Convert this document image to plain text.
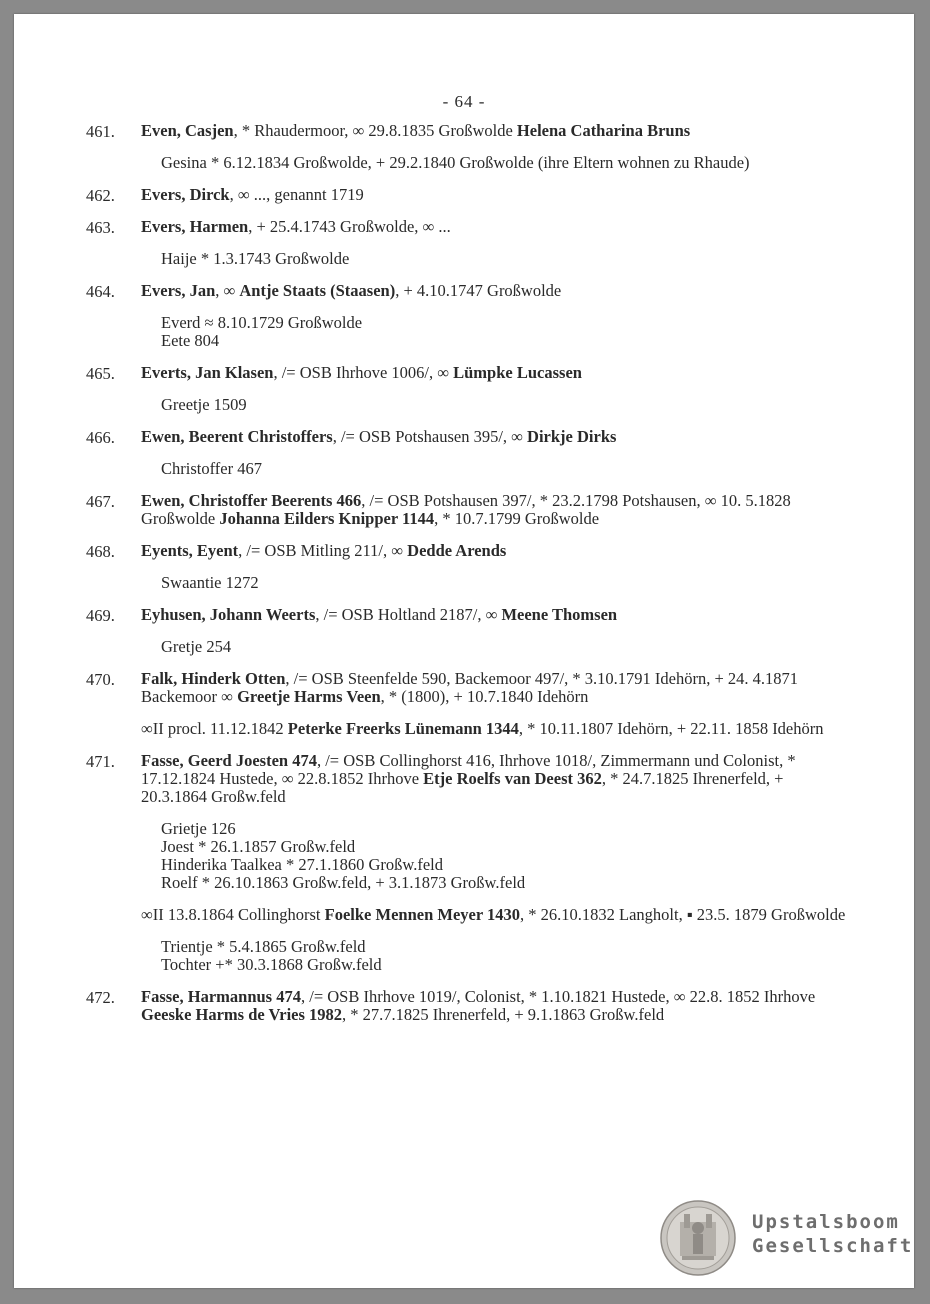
- 64 -
461. Even, Casjen, * Rhaudermoor, ∞ 29.8.1835 Großwolde Helena Catharina Bruns

Gesina * 6.12.1834 Großwolde, + 29.2.1840 Großwolde (ihre Eltern wohnen zu Rhaude)
462. Evers, Dirck, ∞ ..., genannt 1719

463. Evers, Harmen, + 25.4.1743 Großwolde, ∞ ...

Haije * 1.3.1743 Großwolde
464. Evers, Jan, ∞ Antje Staats (Staasen), + 4.10.1747 Großwolde

Everd ≈ 8.10.1729 Großwolde
Eete 804
465. Everts, Jan Klasen, /= OSB Ihrhove 1006/, ∞ Lümpke Lucassen

Greetje 1509
466. Ewen, Beerent Christoffers, /= OSB Potshausen 395/, ∞ Dirkje Dirks

Christoffer 467
467. Ewen, Christoffer Beerents 466, /= OSB Potshausen 397/, * 23.2.1798 Potshausen, ∞ 10. 5.1828 Großwolde Johanna Eilders Knipper 1144, * 10.7.1799 Großwolde

468. Eyents, Eyent, /= OSB Mitling 211/, ∞ Dedde Arends

Swaantie 1272
469. Eyhusen, Johann Weerts, /= OSB Holtland 2187/, ∞ Meene Thomsen

Gretje 254
470. Falk, Hinderk Otten, /= OSB Steenfelde 590, Backemoor 497/, * 3.10.1791 Idehörn, + 24. 4.1871 Backemoor ∞ Greetje Harms Veen, * (1800), + 10.7.1840 Idehörn

∞II procl. 11.12.1842 Peterke Freerks Lünemann 1344, * 10.11.1807 Idehörn, + 22.11. 1858 Idehörn

471. Fasse, Geerd Joesten 474, /= OSB Collinghorst 416, Ihrhove 1018/, Zimmermann und Colonist, * 17.12.1824 Hustede, ∞ 22.8.1852 Ihrhove Etje Roelfs van Deest 362, * 24.7.1825 Ihrenerfeld, + 20.3.1864 Großw.feld

Grietje 126
Joest * 26.1.1857 Großw.feld
Hinderika Taalkea * 27.1.1860 Großw.feld
Roelf * 26.10.1863 Großw.feld, + 3.1.1873 Großw.feld

∞II 13.8.1864 Collinghorst Foelke Mennen Meyer 1430, * 26.10.1832 Langholt, ▪ 23.5. 1879 Großwolde

Trientje * 5.4.1865 Großw.feld
Tochter +* 30.3.1868 Großw.feld
472. Fasse, Harmannus 474, /= OSB Ihrhove 1019/, Colonist, * 1.10.1821 Hustede, ∞ 22.8. 1852 Ihrhove Geeske Harms de Vries 1982, * 27.7.1825 Ihrenerfeld, + 9.1.1863 Großw.feld

Upstalsboom
Gesellschaft
